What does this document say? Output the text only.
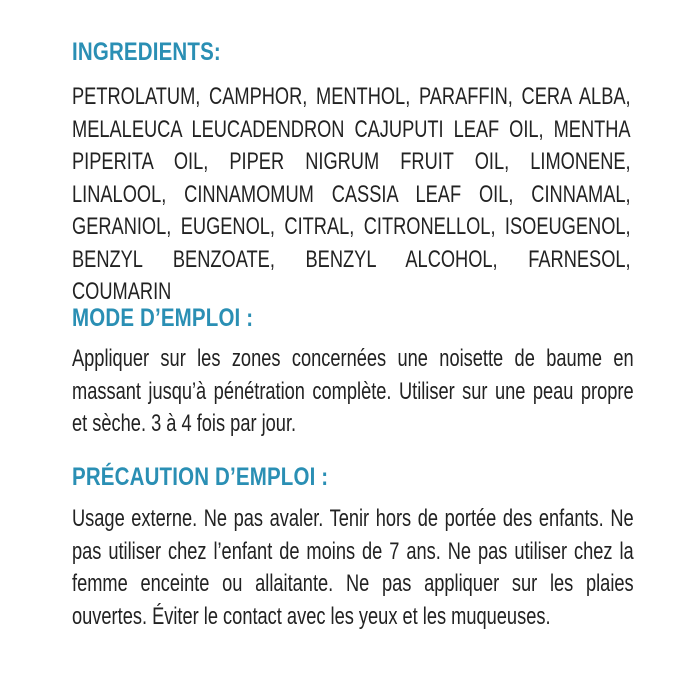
INGREDIENTS:

PETROLATUM, CAMPHOR, MENTHOL, PARAFFIN, CERA ALBA, MELALEUCA LEUCADENDRON CAJUPUTI LEAF OIL, MENTHA PIPERITA OIL, PIPER NIGRUM FRUIT OIL, LIMONENE, LINALOOL, CINNAMOMUM CASSIA LEAF OIL, CINNAMAL, GERANIOL, EUGENOL, CITRAL, CITRONELLOL, ISOEUGENOL, BENZYL BENZOATE, BENZYL ALCOHOL, FARNESOL, COUMARIN

MODE D’EMPLOI :

Appliquer sur les zones concernées une noisette de baume en massant jusqu’à pénétration complète. Utiliser sur une peau propre et sèche. 3 à 4 fois par jour.

PRÉCAUTION D’EMPLOI :

Usage externe. Ne pas avaler. Tenir hors de portée des enfants. Ne pas utiliser chez l’enfant de moins de 7 ans. Ne pas utiliser chez la femme enceinte ou allaitante. Ne pas appliquer sur les plaies ouvertes. Éviter le contact avec les yeux et les muqueuses.
